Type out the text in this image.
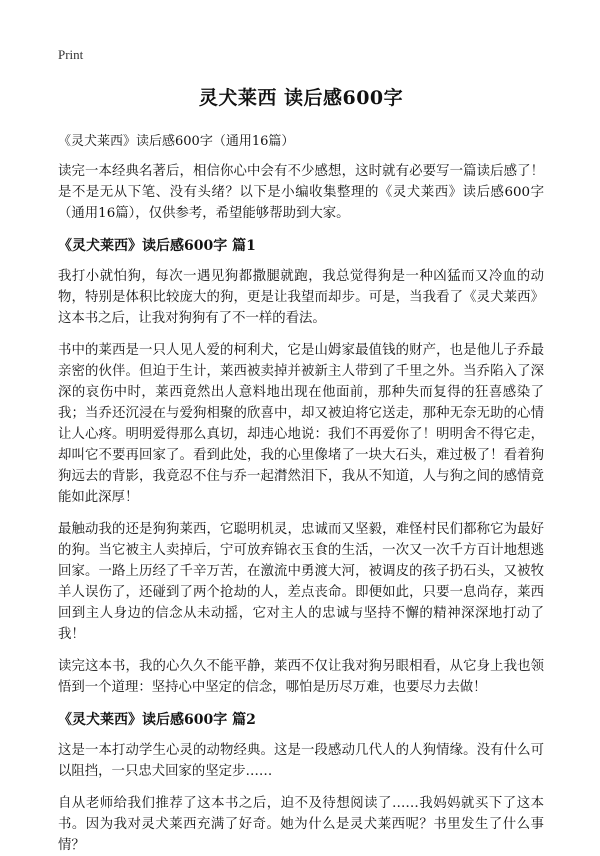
Print
灵犬莱西 读后感600字
《灵犬莱西》读后感600字（通用16篇）

读完一本经典名著后，相信你心中会有不少感想，这时就有必要写一篇读后感了！是不是无从下笔、没有头绪？以下是小编收集整理的《灵犬莱西》读后感600字（通用16篇），仅供参考，希望能够帮助到大家。

《灵犬莱西》读后感600字 篇1

我打小就怕狗，每次一遇见狗都撒腿就跑，我总觉得狗是一种凶猛而又冷血的动物，特别是体积比较庞大的狗，更是让我望而却步。可是，当我看了《灵犬莱西》这本书之后，让我对狗狗有了不一样的看法。

书中的莱西是一只人见人爱的柯利犬，它是山姆家最值钱的财产，也是他儿子乔最亲密的伙伴。但迫于生计，莱西被卖掉并被新主人带到了千里之外。当乔陷入了深深的哀伤中时，莱西竟然出人意料地出现在他面前，那种失而复得的狂喜感染了我；当乔还沉浸在与爱狗相聚的欣喜中，却又被迫将它送走，那种无奈无助的心情让人心疼。明明爱得那么真切，却违心地说：我们不再爱你了！明明舍不得它走，却叫它不要再回家了。看到此处，我的心里像堵了一块大石头，难过极了！看着狗狗远去的背影，我竟忍不住与乔一起潸然泪下，我从不知道，人与狗之间的感情竟能如此深厚！

最触动我的还是狗狗莱西，它聪明机灵，忠诚而又坚毅，难怪村民们都称它为最好的狗。当它被主人卖掉后，宁可放弃锦衣玉食的生活，一次又一次千方百计地想逃回家。一路上历经了千辛万苦，在激流中勇渡大河，被调皮的孩子扔石头，又被牧羊人误伤了，还碰到了两个抢劫的人，差点丧命。即便如此，只要一息尚存，莱西回到主人身边的信念从未动摇，它对主人的忠诚与坚持不懈的精神深深地打动了我！

读完这本书，我的心久久不能平静，莱西不仅让我对狗另眼相看，从它身上我也领悟到一个道理：坚持心中坚定的信念，哪怕是历尽万难，也要尽力去做！

《灵犬莱西》读后感600字 篇2

这是一本打动学生心灵的动物经典。这是一段感动几代人的人狗情缘。没有什么可以阻挡，一只忠犬回家的坚定步……

自从老师给我们推荐了这本书之后，迫不及待想阅读了……我妈妈就买下了这本书。因为我对灵犬莱西充满了好奇。她为什么是灵犬莱西呢？书里发生了什么事情？
